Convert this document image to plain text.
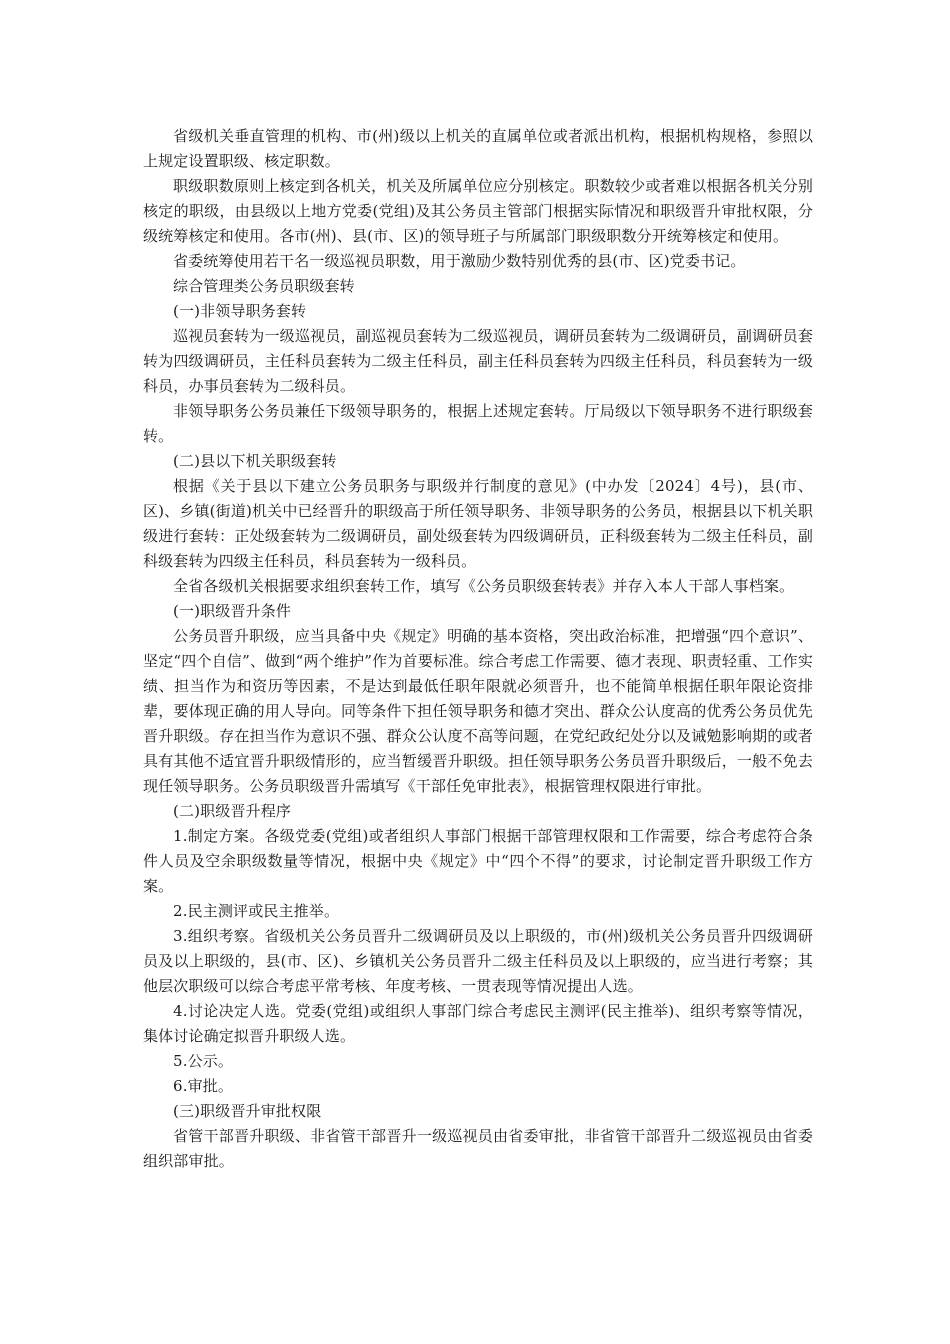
省级机关垂直管理的机构、市(州)级以上机关的直属单位或者派出机构，根据机构规格，参照以上规定设置职级、核定职数。

职级职数原则上核定到各机关，机关及所属单位应分别核定。职数较少或者难以根据各机关分别核定的职级，由县级以上地方党委(党组)及其公务员主管部门根据实际情况和职级晋升审批权限，分级统筹核定和使用。各市(州)、县(市、区)的领导班子与所属部门职级职数分开统筹核定和使用。

省委统筹使用若干名一级巡视员职数，用于激励少数特别优秀的县(市、区)党委书记。

综合管理类公务员职级套转

(一)非领导职务套转

巡视员套转为一级巡视员，副巡视员套转为二级巡视员，调研员套转为二级调研员，副调研员套转为四级调研员，主任科员套转为二级主任科员，副主任科员套转为四级主任科员，科员套转为一级科员，办事员套转为二级科员。

非领导职务公务员兼任下级领导职务的，根据上述规定套转。厅局级以下领导职务不进行职级套转。

(二)县以下机关职级套转

根据《关于县以下建立公务员职务与职级并行制度的意见》(中办发〔2024〕4号)，县(市、区)、乡镇(街道)机关中已经晋升的职级高于所任领导职务、非领导职务的公务员，根据县以下机关职级进行套转：正处级套转为二级调研员，副处级套转为四级调研员，正科级套转为二级主任科员，副科级套转为四级主任科员，科员套转为一级科员。

全省各级机关根据要求组织套转工作，填写《公务员职级套转表》并存入本人干部人事档案。

(一)职级晋升条件

公务员晋升职级，应当具备中央《规定》明确的基本资格，突出政治标准，把增强“四个意识”、坚定“四个自信”、做到“两个维护”作为首要标准。综合考虑工作需要、德才表现、职责轻重、工作实绩、担当作为和资历等因素，不是达到最低任职年限就必须晋升，也不能简单根据任职年限论资排辈，要体现正确的用人导向。同等条件下担任领导职务和德才突出、群众公认度高的优秀公务员优先晋升职级。存在担当作为意识不强、群众公认度不高等问题，在党纪政纪处分以及诫勉影响期的或者具有其他不适宜晋升职级情形的，应当暂缓晋升职级。担任领导职务公务员晋升职级后，一般不免去现任领导职务。公务员职级晋升需填写《干部任免审批表》，根据管理权限进行审批。

(二)职级晋升程序

1.制定方案。各级党委(党组)或者组织人事部门根据干部管理权限和工作需要，综合考虑符合条件人员及空余职级数量等情况，根据中央《规定》中“四个不得”的要求，讨论制定晋升职级工作方案。

2.民主测评或民主推举。

3.组织考察。省级机关公务员晋升二级调研员及以上职级的，市(州)级机关公务员晋升四级调研员及以上职级的，县(市、区)、乡镇机关公务员晋升二级主任科员及以上职级的，应当进行考察；其他层次职级可以综合考虑平常考核、年度考核、一贯表现等情况提出人选。

4.讨论决定人选。党委(党组)或组织人事部门综合考虑民主测评(民主推举)、组织考察等情况，集体讨论确定拟晋升职级人选。

5.公示。

6.审批。

(三)职级晋升审批权限

省管干部晋升职级、非省管干部晋升一级巡视员由省委审批，非省管干部晋升二级巡视员由省委组织部审批。
